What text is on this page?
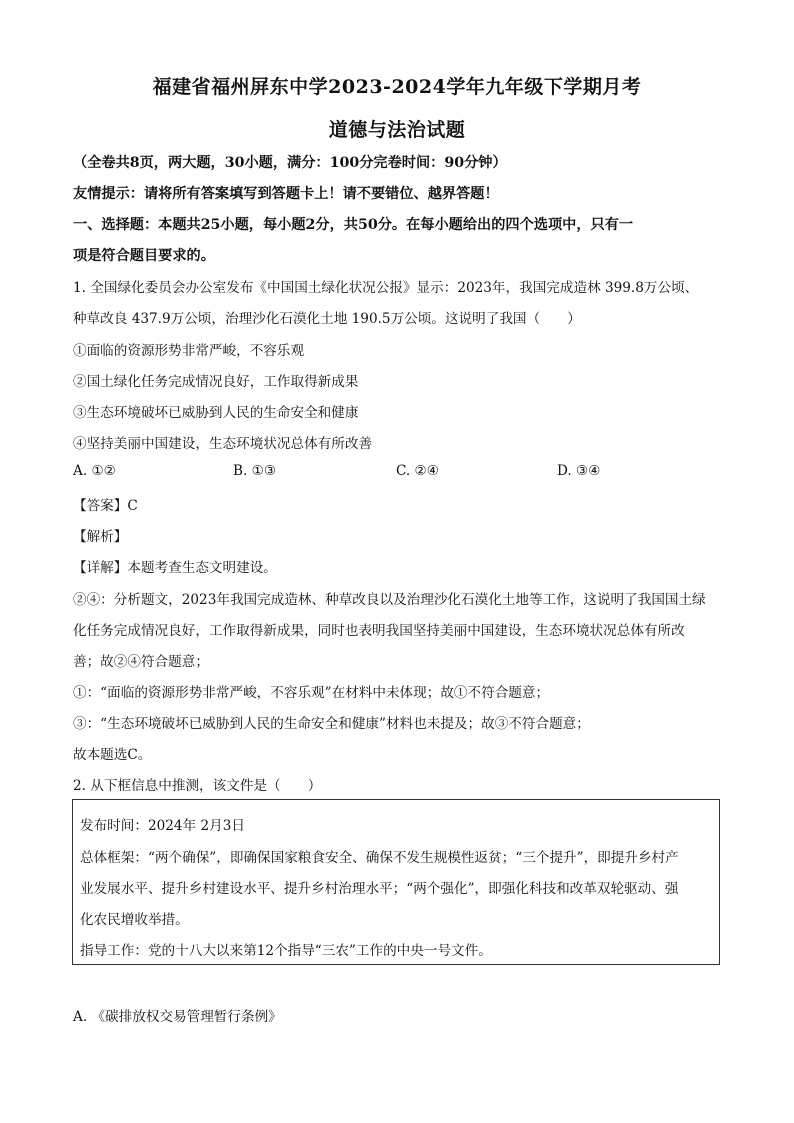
福建省福州屏东中学2023-2024学年九年级下学期月考
道德与法治试题
（全卷共8页，两大题，30小题，满分：100分完卷时间：90分钟）
友情提示：请将所有答案填写到答题卡上！请不要错位、越界答题！
一、选择题：本题共25小题，每小题2分，共50分。在每小题给出的四个选项中，只有一
项是符合题目要求的。
1. 全国绿化委员会办公室发布《中国国土绿化状况公报》显示：2023年，我国完成造林 399.8万公顷、
种草改良 437.9万公顷，治理沙化石漠化土地 190.5万公顷。这说明了我国（　　）
①面临的资源形势非常严峻，不容乐观
②国土绿化任务完成情况良好，工作取得新成果
③生态环境破坏已威胁到人民的生命安全和健康
④坚持美丽中国建设，生态环境状况总体有所改善
A. ①②	B. ①③	C. ②④	D. ③④
【答案】C
【解析】
【详解】本题考查生态文明建设。
②④：分析题文，2023年我国完成造林、种草改良以及治理沙化石漠化土地等工作，这说明了我国国土绿
化任务完成情况良好，工作取得新成果，同时也表明我国坚持美丽中国建设，生态环境状况总体有所改
善；故②④符合题意；
①：“面临的资源形势非常严峻，不容乐观”在材料中未体现；故①不符合题意；
③：“生态环境破坏已威胁到人民的生命安全和健康”材料也未提及；故③不符合题意；
故本题选C。
2. 从下框信息中推测，该文件是（　　）
发布时间：2024年 2月3日
总体框架：“两个确保”，即确保国家粮食安全、确保不发生规模性返贫；“三个提升”，即提升乡村产
业发展水平、提升乡村建设水平、提升乡村治理水平；“两个强化”，即强化科技和改革双轮驱动、强
化农民增收举措。
指导工作：党的十八大以来第12个指导“三农”工作的中央一号文件。
A. 《碳排放权交易管理暂行条例》
